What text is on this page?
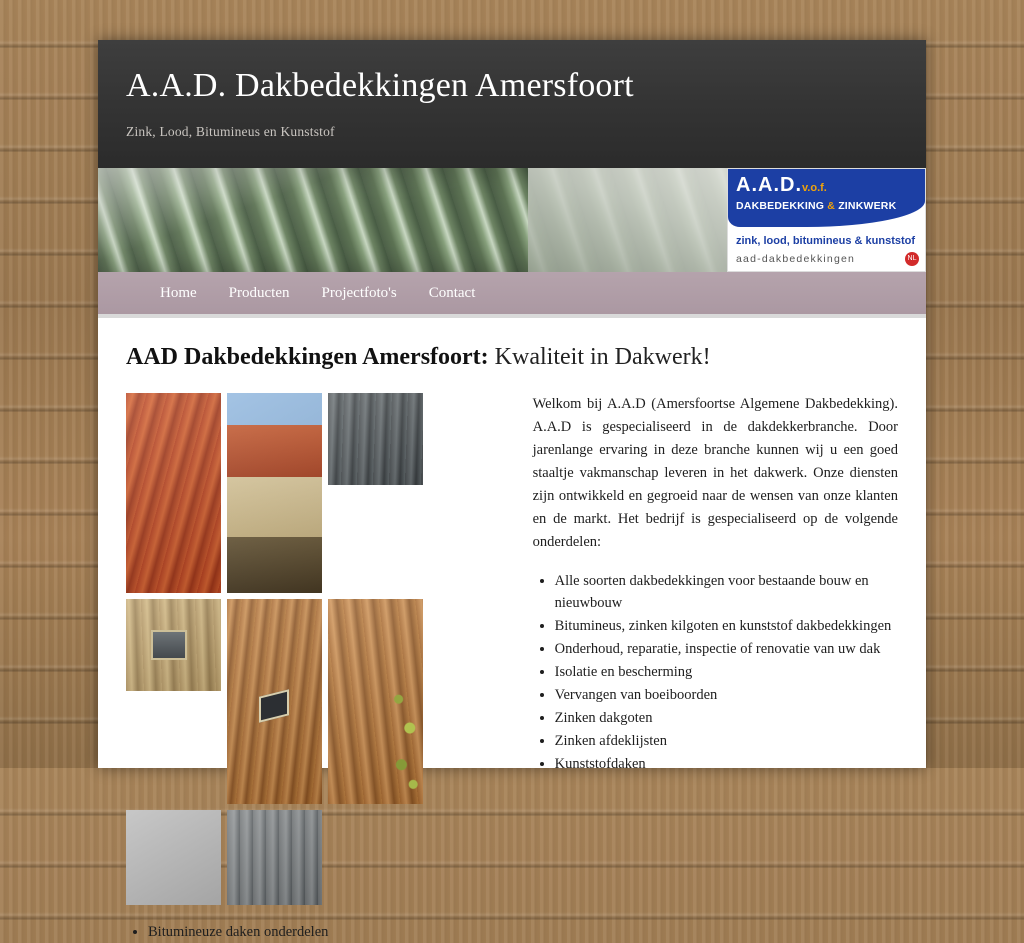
A.A.D. Dakbedekkingen Amersfoort
Zink, Lood, Bitumineus en Kunststof
A.A.D.v.o.f.
DAKBEDEKKING & ZINKWERK
zink, lood, bitumineus & kunststof
aad-dakbedekkingen	NL
Home Producten Projectfoto's Contact
AAD Dakbedekkingen Amersfoort: Kwaliteit in Dakwerk!

Welkom bij A.A.D (Amersfoortse Algemene Dakbedekking). A.A.D is gespecialiseerd in de dakdekkerbranche. Door jarenlange ervaring in deze branche kunnen wij u een goed staaltje vakmanschap leveren in het dakwerk. Onze diensten zijn ontwikkeld en gegroeid naar de wensen van onze klanten en de markt. Het bedrijf is gespecialiseerd op de volgende onderdelen:

• Alle soorten dakbedekkingen voor bestaande bouw en nieuwbouw
• Bitumineus, zinken kilgoten en kunststof dakbedekkingen
• Onderhoud, reparatie, inspectie of renovatie van uw dak
• Isolatie en bescherming
• Vervangen van boeiboorden
• Zinken dakgoten
• Zinken afdeklijsten
• Kunststofdaken
• Bitumineuze daken onderdelen
